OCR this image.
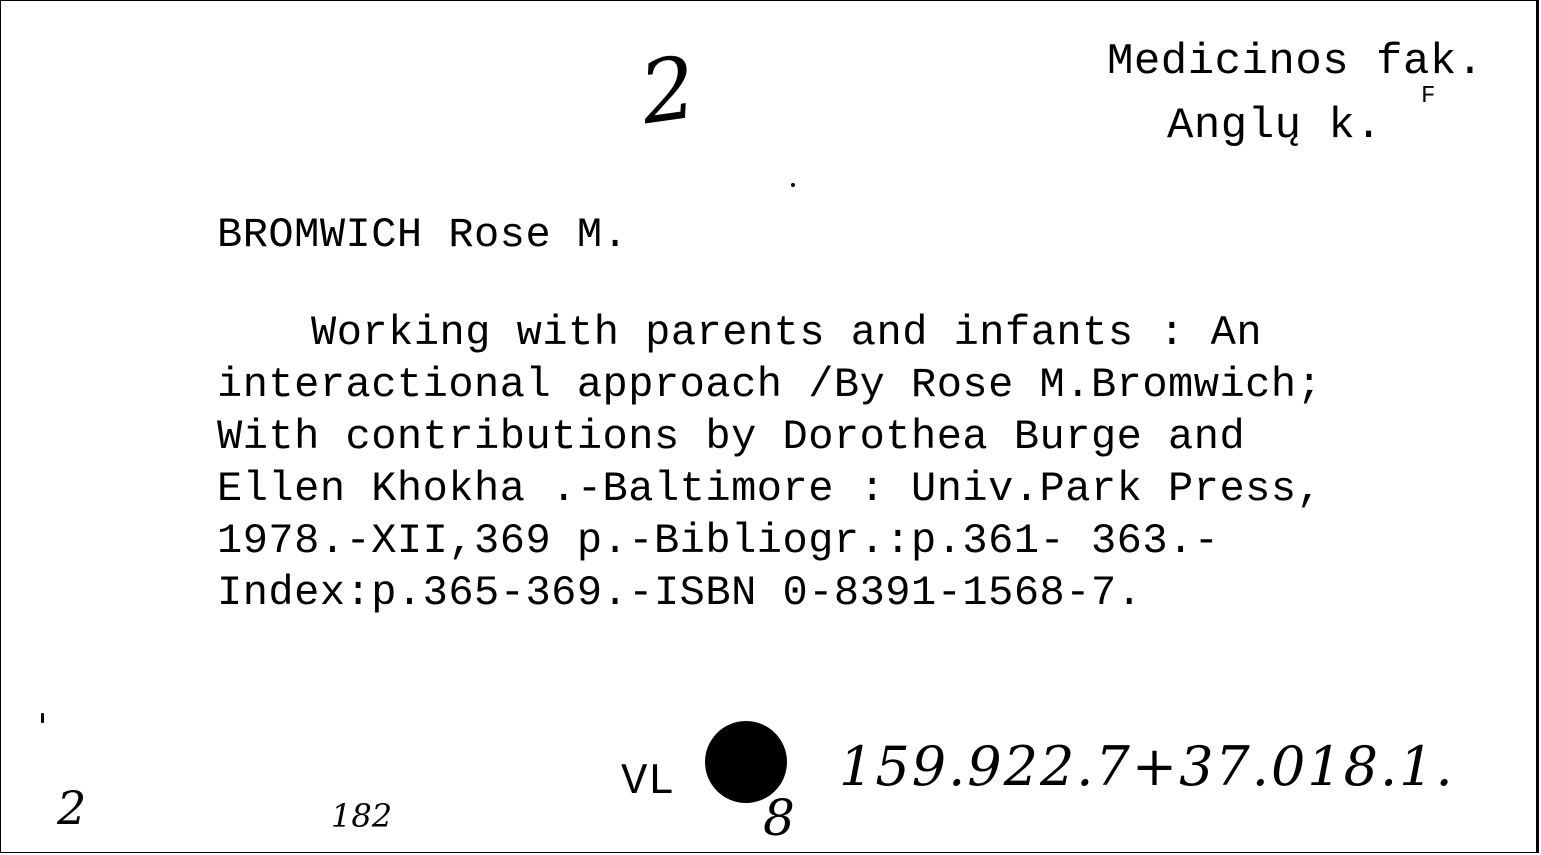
2	Medicinos fak.
Anglų k.
F
BROMWICH Rose M.
Working with parents and infants : An
interactional approach /By Rose M.Bromwich;
With contributions by Dorothea Burge and
Ellen Khokha .-Baltimore : Univ.Park Press,
1978.-XII,369 p.-Bibliogr.:p.361- 363.-
Index:p.365-369.-ISBN 0-8391-1568-7.
VL
8
159.922.7+37.018.1.
2	182
